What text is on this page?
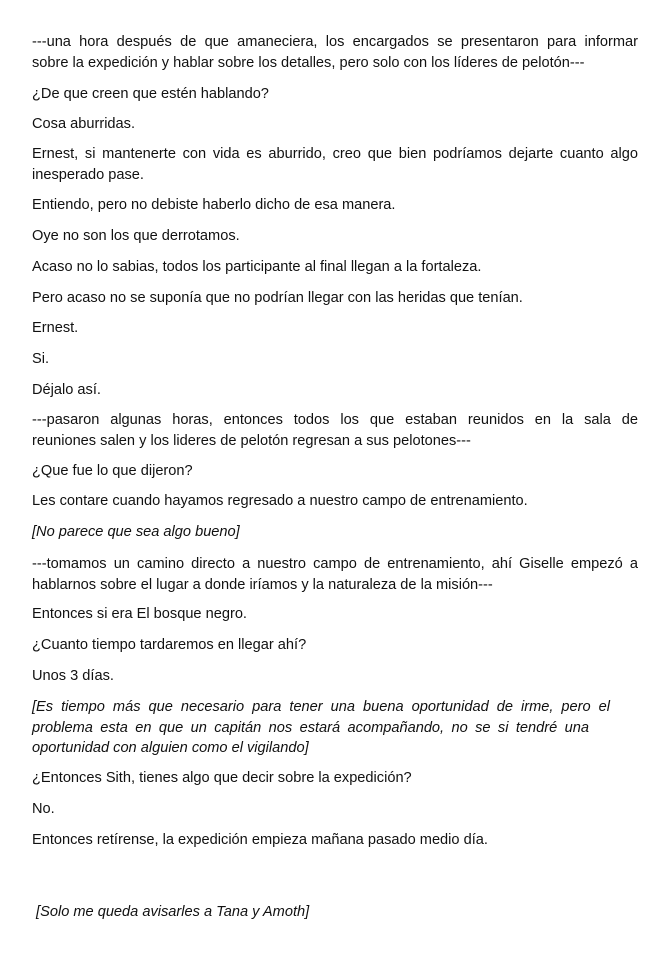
---una hora después de que amaneciera, los encargados se presentaron para informar
sobre la expedición y hablar sobre los detalles, pero solo con los líderes de pelotón---

¿De que creen que estén hablando?

Cosa aburridas.

Ernest, si mantenerte con vida es aburrido, creo que bien podríamos dejarte cuanto algo
inesperado pase.

Entiendo, pero no debiste haberlo dicho de esa manera.

Oye no son los que derrotamos.

Acaso no lo sabias, todos los participante al final llegan a la fortaleza.

Pero acaso no se suponía que no podrían llegar con las heridas que tenían.

Ernest.

Si.

Déjalo así.

---pasaron algunas horas, entonces todos los que estaban reunidos en la sala de
reuniones salen y los lideres de pelotón regresan a sus pelotones---

¿Que fue lo que dijeron?

Les contare cuando hayamos regresado a nuestro campo de entrenamiento.

[No parece que sea algo bueno]

---tomamos un camino directo a nuestro campo de entrenamiento, ahí Giselle empezó a
hablarnos sobre el lugar a donde iríamos y la naturaleza de la misión---

Entonces si era El bosque negro.

¿Cuanto tiempo tardaremos en llegar ahí?

Unos 3 días.

[Es tiempo más que necesario para tener una buena oportunidad de irme, pero el
problema esta en que un capitán nos estará acompañando, no se si tendré una
oportunidad con alguien como el vigilando]

¿Entonces Sith, tienes algo que decir sobre la expedición?

No.

Entonces retírense, la expedición empieza mañana pasado medio día.

[Solo me queda avisarles a Tana y Amoth]
